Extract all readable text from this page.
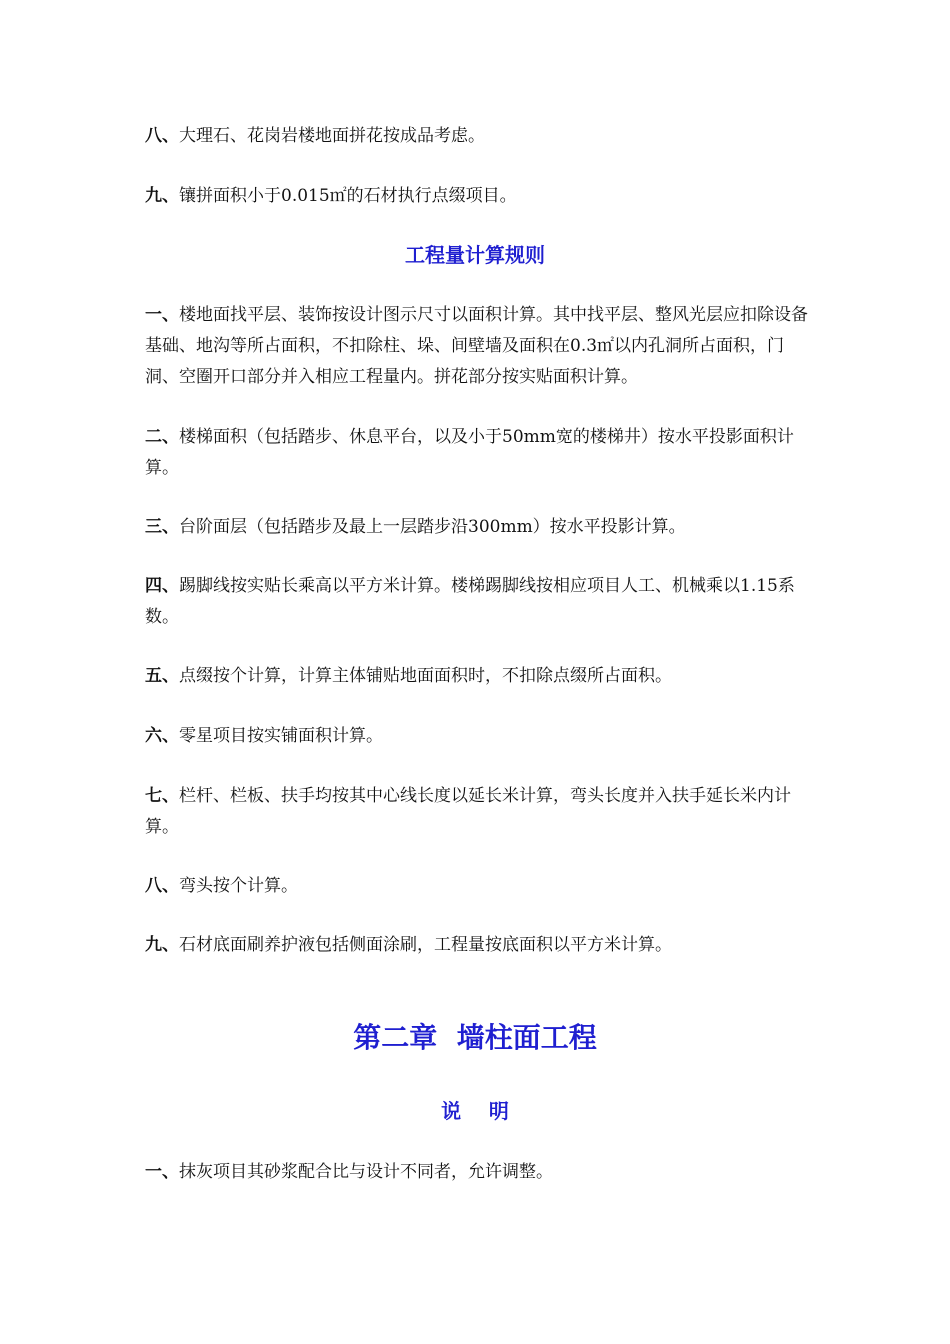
八、大理石、花岗岩楼地面拼花按成品考虑。

九、镶拼面积小于0.015㎡的石材执行点缀项目。

工程量计算规则

一、楼地面找平层、装饰按设计图示尺寸以面积计算。其中找平层、整风光层应扣除设备基础、地沟等所占面积，不扣除柱、垛、间壁墙及面积在0.3㎡以内孔洞所占面积，门洞、空圈开口部分并入相应工程量内。拼花部分按实贴面积计算。

二、楼梯面积（包括踏步、休息平台，以及小于50mm宽的楼梯井）按水平投影面积计算。

三、台阶面层（包括踏步及最上一层踏步沿300mm）按水平投影计算。

四、踢脚线按实贴长乘高以平方米计算。楼梯踢脚线按相应项目人工、机械乘以1.15系数。

五、点缀按个计算，计算主体铺贴地面面积时，不扣除点缀所占面积。

六、零星项目按实铺面积计算。

七、栏杆、栏板、扶手均按其中心线长度以延长米计算，弯头长度并入扶手延长米内计算。

八、弯头按个计算。

九、石材底面刷养护液包括侧面涂刷，工程量按底面积以平方米计算。

第二章  墙柱面工程
说    明

一、抹灰项目其砂浆配合比与设计不同者，允许调整。
